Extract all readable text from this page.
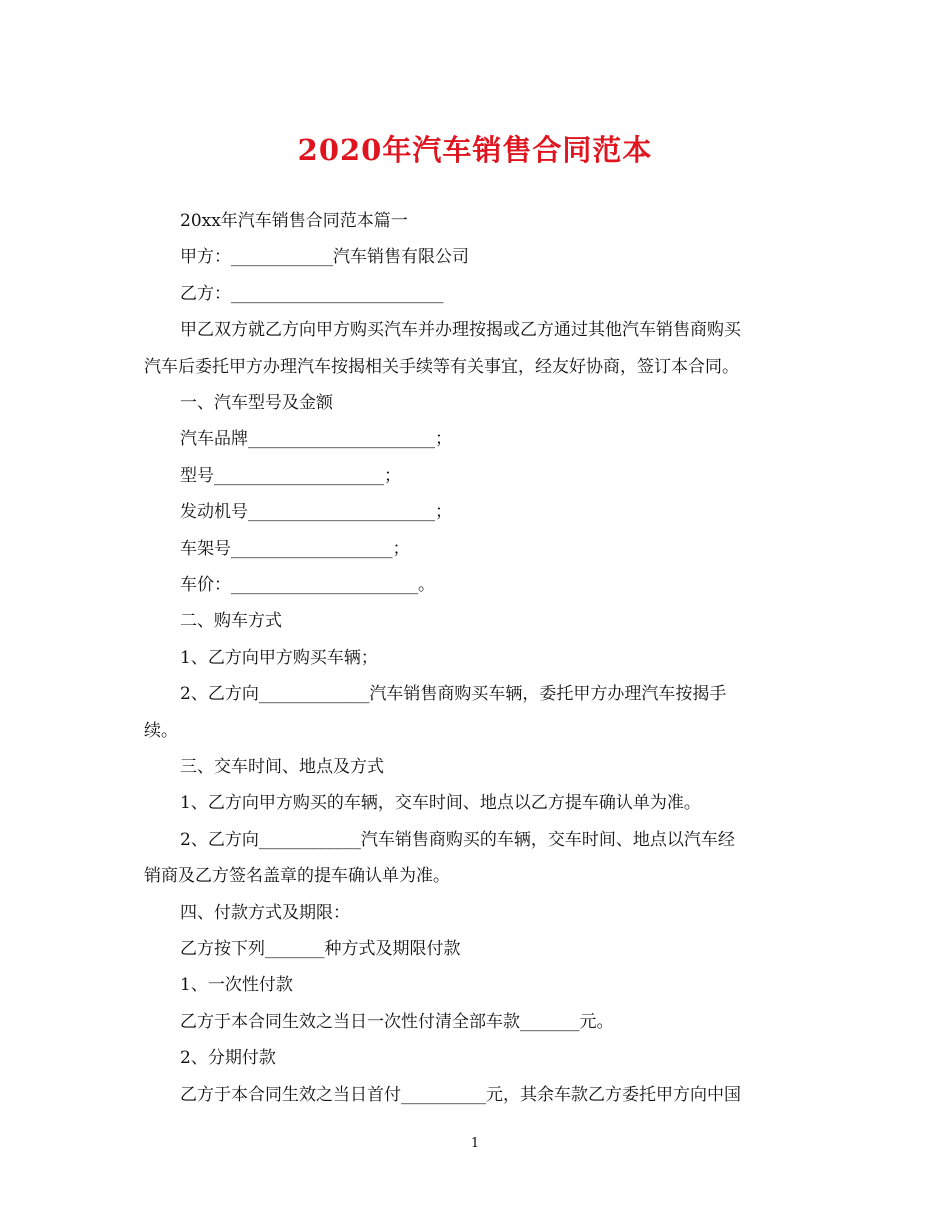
2020年汽车销售合同范本
20xx年汽车销售合同范本篇一
甲方：____________汽车销售有限公司
乙方：_________________________
甲乙双方就乙方向甲方购买汽车并办理按揭或乙方通过其他汽车销售商购买
汽车后委托甲方办理汽车按揭相关手续等有关事宜，经友好协商，签订本合同。
一、汽车型号及金额
汽车品牌______________________；
型号____________________；
发动机号______________________；
车架号___________________；
车价：______________________。
二、购车方式
1、乙方向甲方购买车辆；
2、乙方向_____________汽车销售商购买车辆，委托甲方办理汽车按揭手
续。
三、交车时间、地点及方式
1、乙方向甲方购买的车辆，交车时间、地点以乙方提车确认单为准。
2、乙方向____________汽车销售商购买的车辆，交车时间、地点以汽车经
销商及乙方签名盖章的提车确认单为准。
四、付款方式及期限：
乙方按下列_______种方式及期限付款
1、一次性付款
乙方于本合同生效之当日一次性付清全部车款_______元。
2、分期付款
乙方于本合同生效之当日首付__________元，其余车款乙方委托甲方向中国
1
